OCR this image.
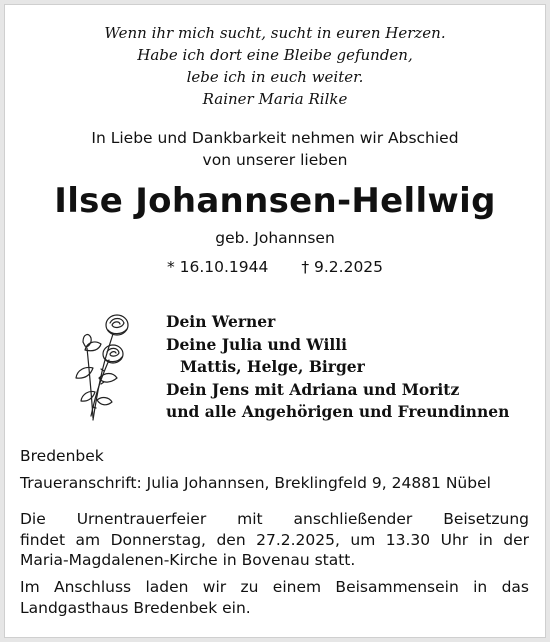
Wenn ihr mich sucht, sucht in euren Herzen.
Habe ich dort eine Bleibe gefunden,
lebe ich in euch weiter.
Rainer Maria Rilke
In Liebe und Dankbarkeit nehmen wir Abschied
von unserer lieben
Ilse Johannsen-Hellwig
geb. Johannsen
* 16.10.1944 † 9.2.2025
Dein Werner
Deine Julia und Willi
Mattis, Helge, Birger
Dein Jens mit Adriana und Moritz
und alle Angehörigen und Freundinnen
Bredenbek
Traueranschrift: Julia Johannsen, Breklingfeld 9, 24881 Nübel
Die Urnentrauerfeier mit anschließender Beisetzung
findet am Donnerstag, den 27.2.2025, um 13.30 Uhr in der
Maria-Magdalenen-Kirche in Bovenau statt.
Im Anschluss laden wir zu einem Beisammensein in das
Landgasthaus Bredenbek ein.
